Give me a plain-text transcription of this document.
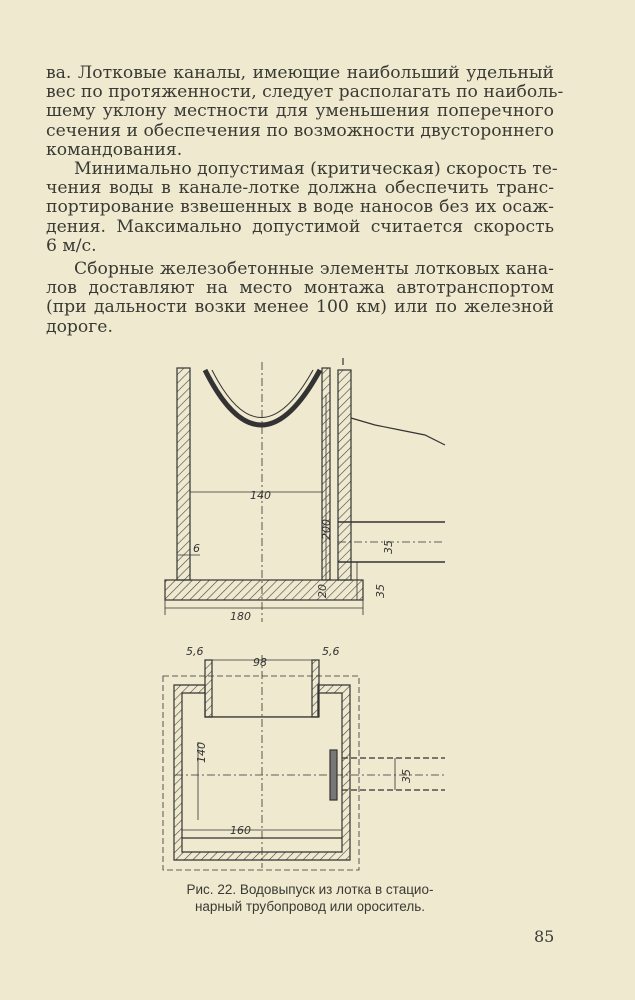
ва. Лотковые каналы, имеющие наибольший удельный
вес по протяженности, следует располагать по наиболь-
шему уклону местности для уменьшения поперечного
сечения и обеспечения по возможности двустороннего
командования.
Минимально допустимая (критическая) скорость те-
чения воды в канале-лотке должна обеспечить транс-
портирование взвешенных в воде наносов без их осаж-
дения. Максимально допустимой считается скорость
6 м/с.
Сборные железобетонные элементы лотковых кана-
лов доставляют на место монтажа автотранспортом
(при дальности возки менее 100 км) или по железной
дороге.
140
200
6	35
35
20
180
5,6
98
5,6
140
35
160
Рис. 22. Водовыпуск из лотка в стацио-
нарный трубопровод или ороситель.

85
